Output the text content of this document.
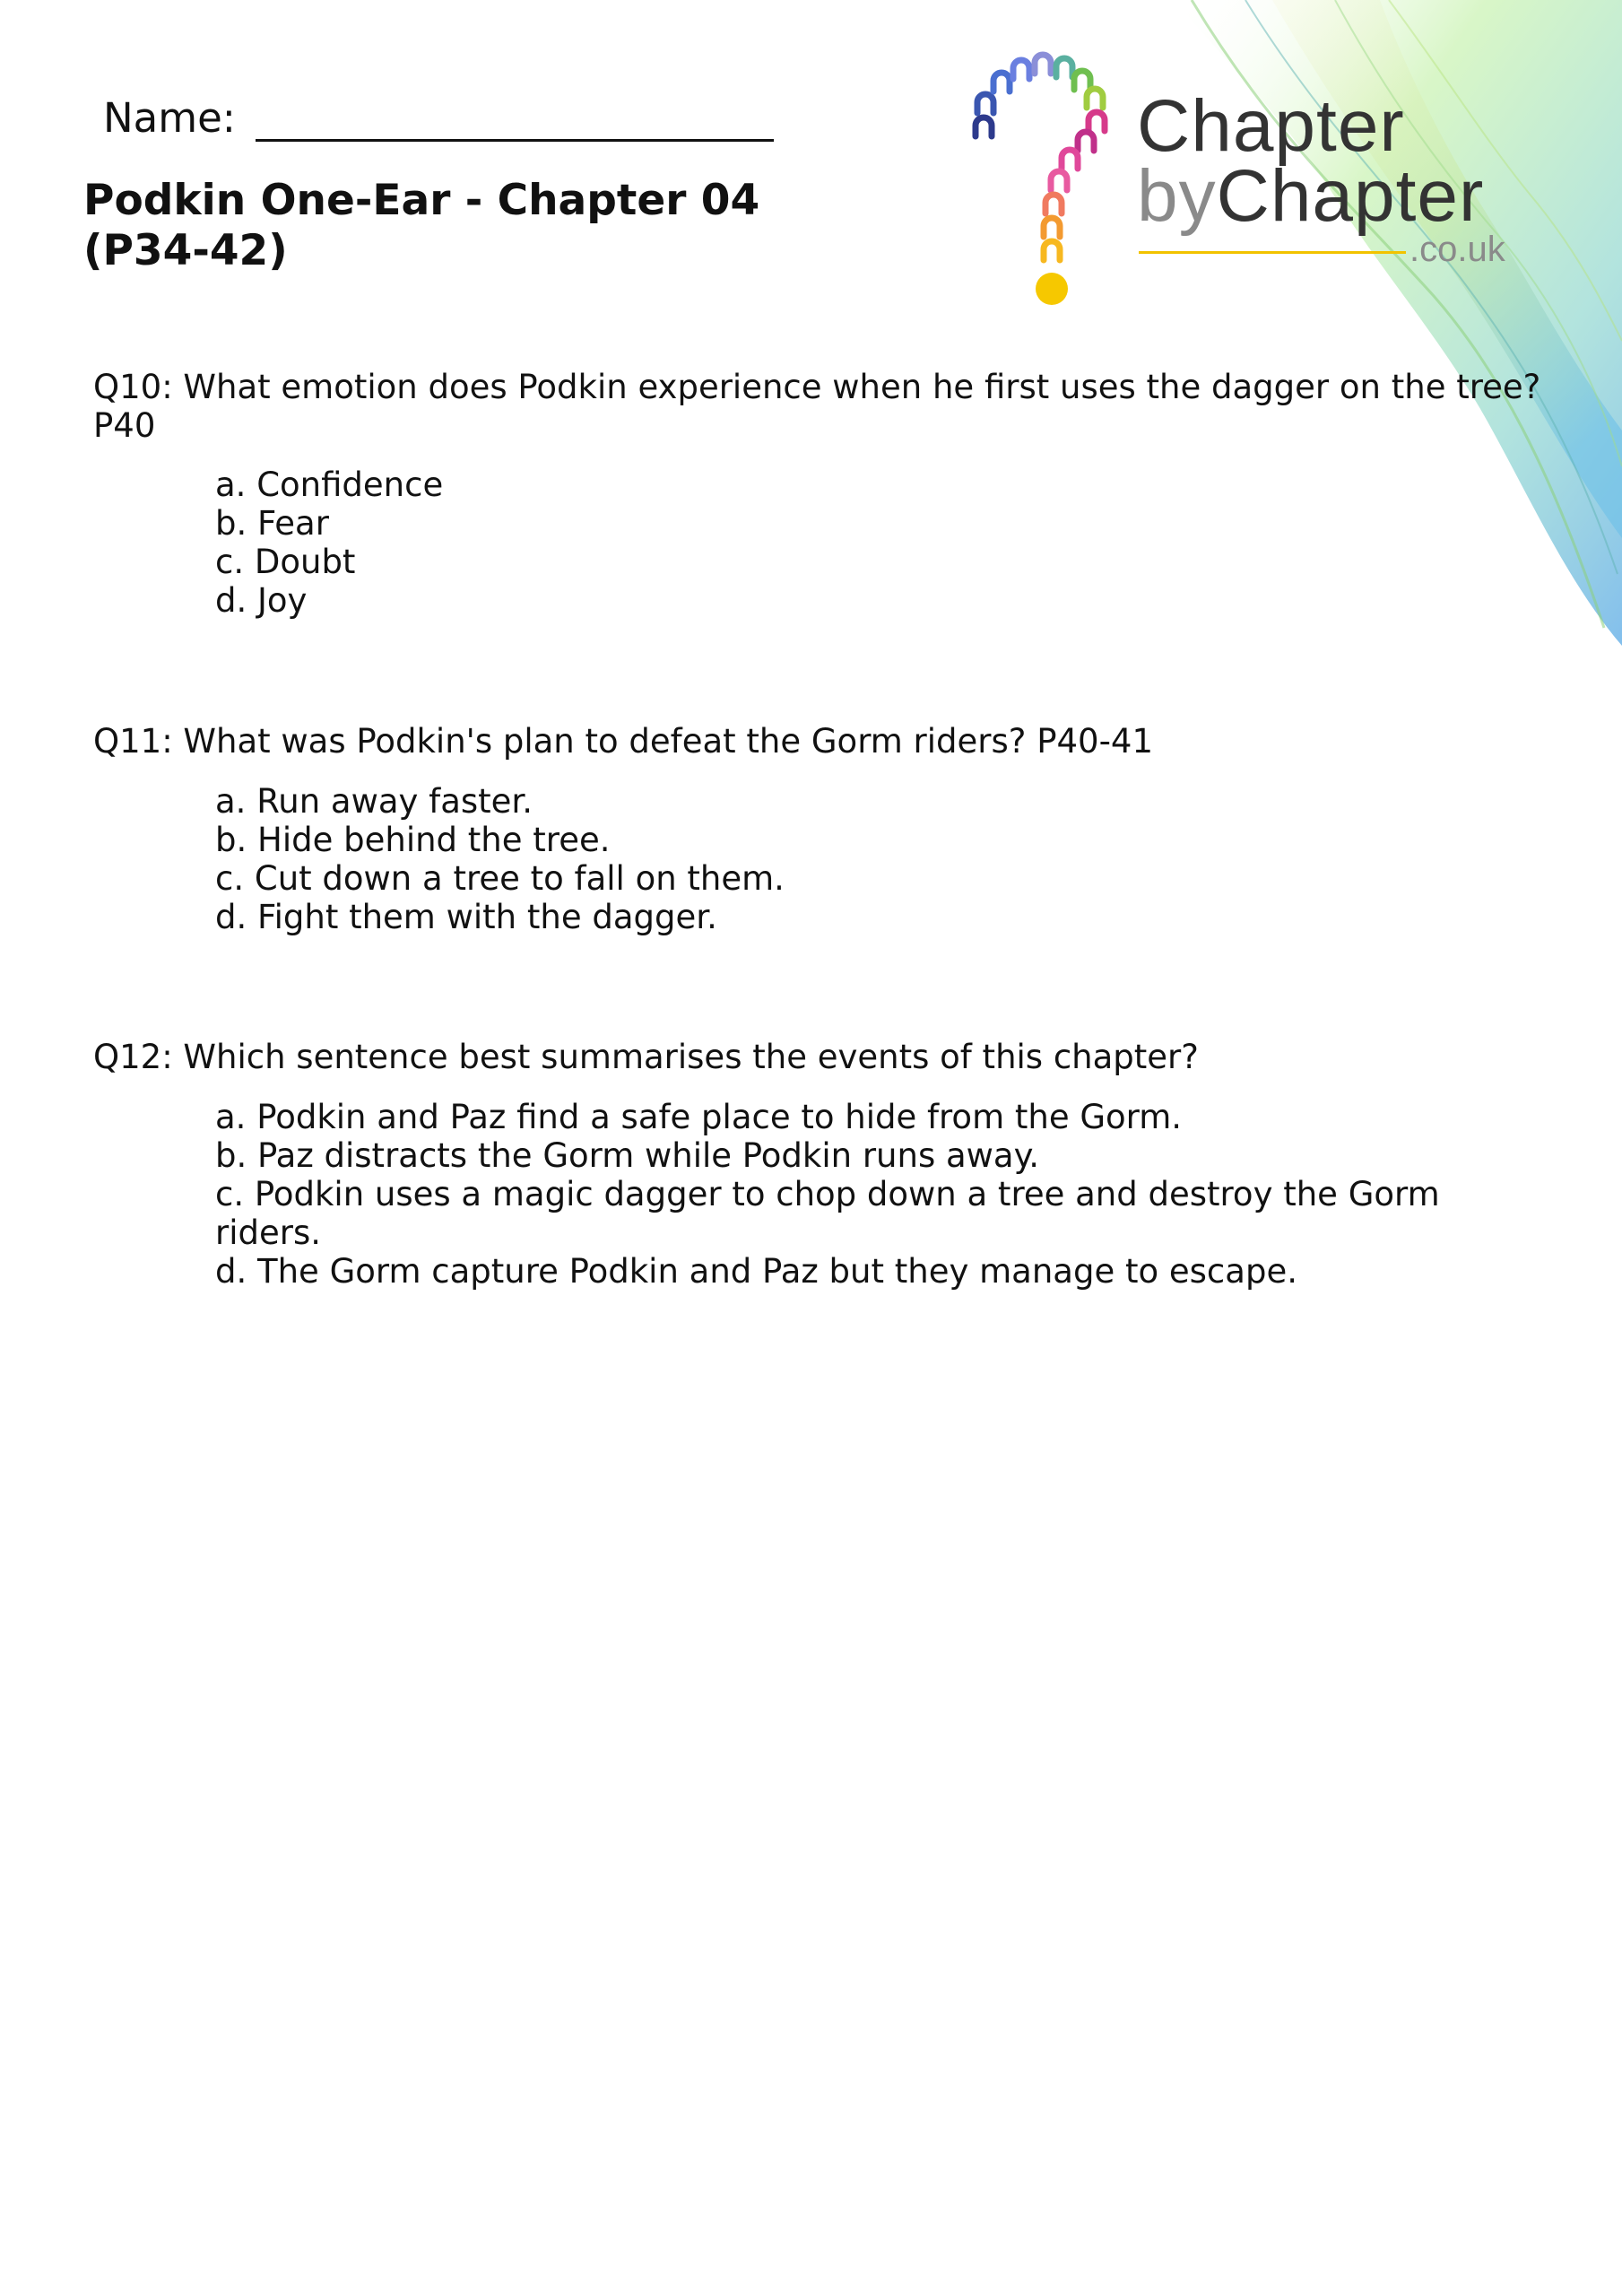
Name:
Podkin One-Ear - Chapter 04 (P34-42)
Chapter
byChapter
.co.uk

Q10: What emotion does Podkin experience when he first uses the dagger on the tree? P40

a. Confidence
b. Fear
c. Doubt
d. Joy

Q11: What was Podkin's plan to defeat the Gorm riders? P40-41

a. Run away faster.
b. Hide behind the tree.
c. Cut down a tree to fall on them.
d. Fight them with the dagger.

Q12: Which sentence best summarises the events of this chapter?

a. Podkin and Paz find a safe place to hide from the Gorm.
b. Paz distracts the Gorm while Podkin runs away.
c. Podkin uses a magic dagger to chop down a tree and destroy the Gorm riders.
d. The Gorm capture Podkin and Paz but they manage to escape.
